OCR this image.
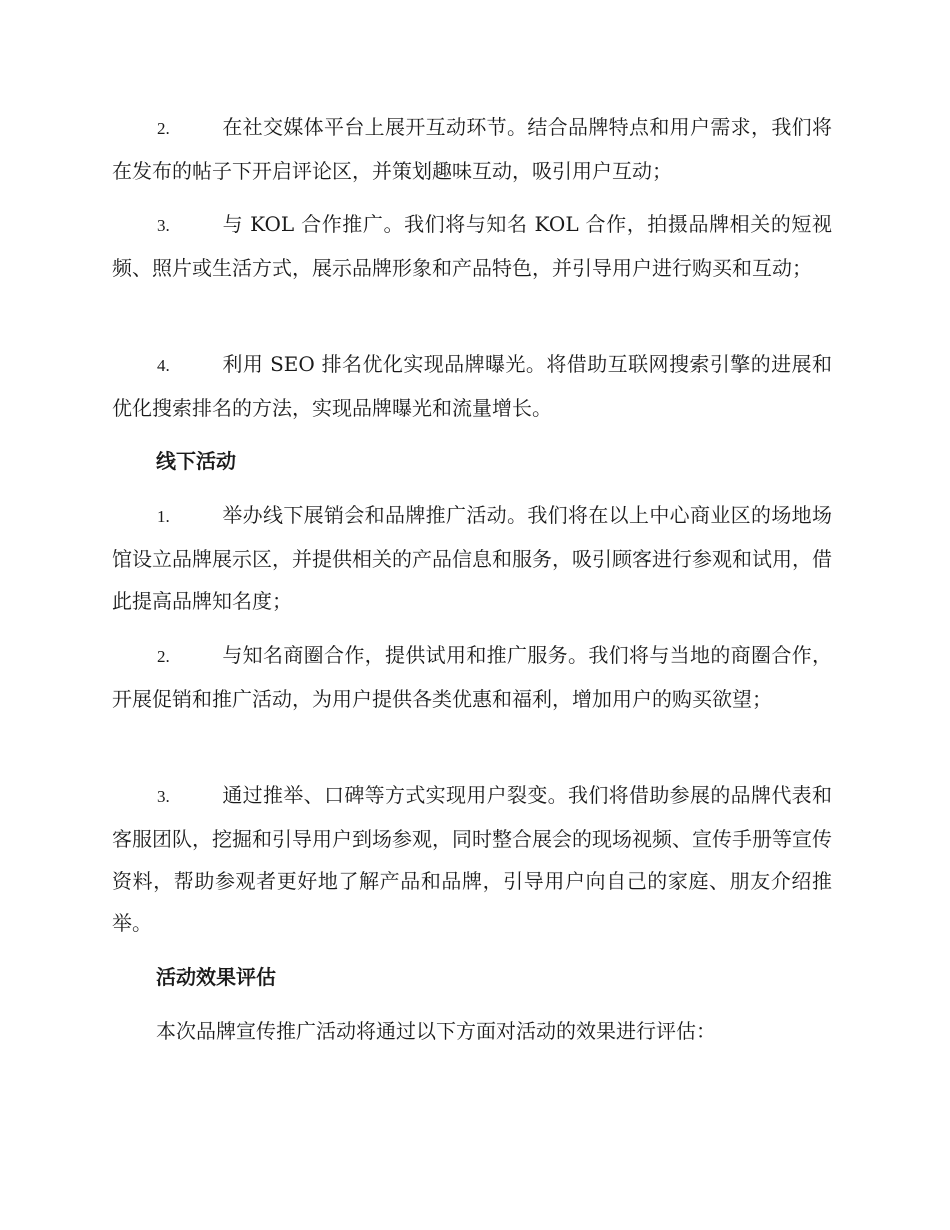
2.	在社交媒体平台上展开互动环节。结合品牌特点和用户需求，我们将在发布的帖子下开启评论区，并策划趣味互动，吸引用户互动；
3.	与 KOL 合作推广。我们将与知名 KOL 合作，拍摄品牌相关的短视频、照片或生活方式，展示品牌形象和产品特色，并引导用户进行购买和互动；
4.	利用 SEO 排名优化实现品牌曝光。将借助互联网搜索引擎的进展和优化搜索排名的方法，实现品牌曝光和流量增长。
线下活动
1.	举办线下展销会和品牌推广活动。我们将在以上中心商业区的场地场馆设立品牌展示区，并提供相关的产品信息和服务，吸引顾客进行参观和试用，借此提高品牌知名度；
2.	与知名商圈合作，提供试用和推广服务。我们将与当地的商圈合作，开展促销和推广活动，为用户提供各类优惠和福利，增加用户的购买欲望；
3.	通过推举、口碑等方式实现用户裂变。我们将借助参展的品牌代表和客服团队，挖掘和引导用户到场参观，同时整合展会的现场视频、宣传手册等宣传资料，帮助参观者更好地了解产品和品牌，引导用户向自己的家庭、朋友介绍推举。
活动效果评估
本次品牌宣传推广活动将通过以下方面对活动的效果进行评估：
